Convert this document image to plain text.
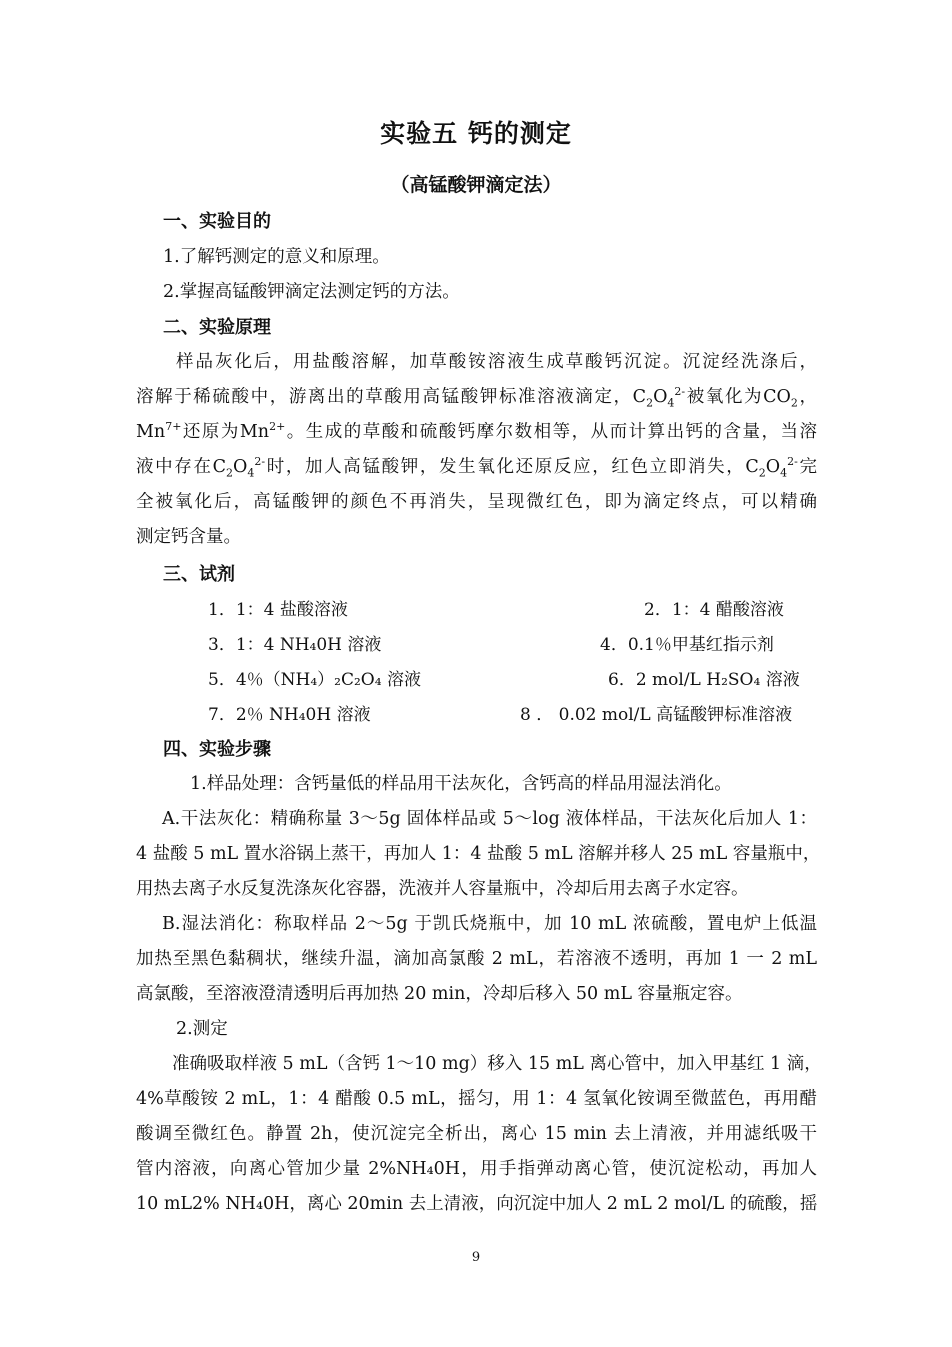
实验五 钙的测定
（高锰酸钾滴定法）
一、实验目的
1.了解钙测定的意义和原理。
2.掌握高锰酸钾滴定法测定钙的方法。
二、实验原理
样品灰化后，用盐酸溶解，加草酸铵溶液生成草酸钙沉淀。沉淀经洗涤后，
溶解于稀硫酸中，游离出的草酸用高锰酸钾标准溶液滴定，$C_2O_4^{2-}$被氧化为$CO_2$，
$Mn^{7+}$还原为$Mn^{2+}$。生成的草酸和硫酸钙摩尔数相等，从而计算出钙的含量，当溶
液中存在$C_2O_4^{2-}$时，加人高锰酸钾，发生氧化还原反应，红色立即消失，$C_2O_4^{2-}$完
全被氧化后，高锰酸钾的颜色不再消失，呈现微红色，即为滴定终点，可以精确
测定钙含量。
三、试剂
1．1：4 盐酸溶液	2．1：4 醋酸溶液
3．1：4 NH₄0H 溶液	4．0.1％甲基红指示剂
5．4％（NH₄）₂C₂O₄ 溶液	6．2 mol/L H₂SO₄ 溶液
7．2％ NH₄0H 溶液	8 ． 0.02 mol/L 高锰酸钾标准溶液
四、实验步骤
1.样品处理：含钙量低的样品用干法灰化，含钙高的样品用湿法消化。
A.干法灰化：精确称量 3～5g 固体样品或 5～log 液体样品，干法灰化后加人 1：
4 盐酸 5 mL 置水浴锅上蒸干，再加人 1：4 盐酸 5 mL 溶解并移人 25 mL 容量瓶中，
用热去离子水反复洗涤灰化容器，洗液并人容量瓶中，冷却后用去离子水定容。
B.湿法消化：称取样品 2～5g 于凯氏烧瓶中，加 10 mL 浓硫酸，置电炉上低温
加热至黑色黏稠状，继续升温，滴加高氯酸 2 mL，若溶液不透明，再加 1 一 2 mL
高氯酸，至溶液澄清透明后再加热 20 min，冷却后移入 50 mL 容量瓶定容。
2.测定
准确吸取样液 5 mL（含钙 1～10 mg）移入 15 mL 离心管中，加入甲基红 1 滴，
4%草酸铵 2 mL，1：4 醋酸 0.5 mL，摇匀，用 1：4 氢氧化铵调至微蓝色，再用醋
酸调至微红色。静置 2h，使沉淀完全析出，离心 15 min 去上清液，并用滤纸吸干
管内溶液，向离心管加少量 2%NH₄0H，用手指弹动离心管，使沉淀松动，再加人
10 mL2% NH₄0H，离心 20min 去上清液，向沉淀中加人 2 mL 2 mol/L 的硫酸，摇
9
